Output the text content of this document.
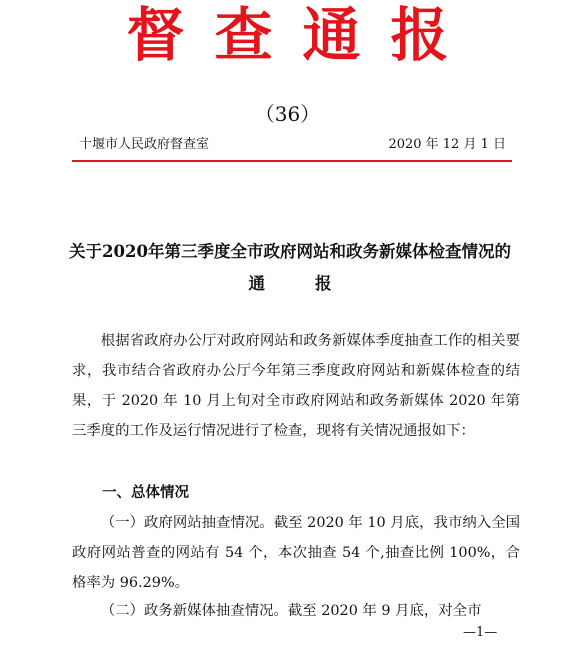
督查通报
（36）
十堰市人民政府督查室	2020 年 12 月 1 日
关于2020年第三季度全市政府网站和政务新媒体检查情况的
通报
根据省政府办公厅对政府网站和政务新媒体季度抽查工作的相关要求，我市结合省政府办公厅今年第三季度政府网站和新媒体检查的结果，于 2020 年 10 月上旬对全市政府网站和政务新媒体 2020 年第三季度的工作及运行情况进行了检查，现将有关情况通报如下：
一、总体情况
（一）政府网站抽查情况。截至 2020 年 10 月底，我市纳入全国政府网站普查的网站有 54 个，本次抽查 54 个,抽查比例 100%，合格率为 96.29%。
（二）政务新媒体抽查情况。截至 2020 年 9 月底，对全市
—1—
